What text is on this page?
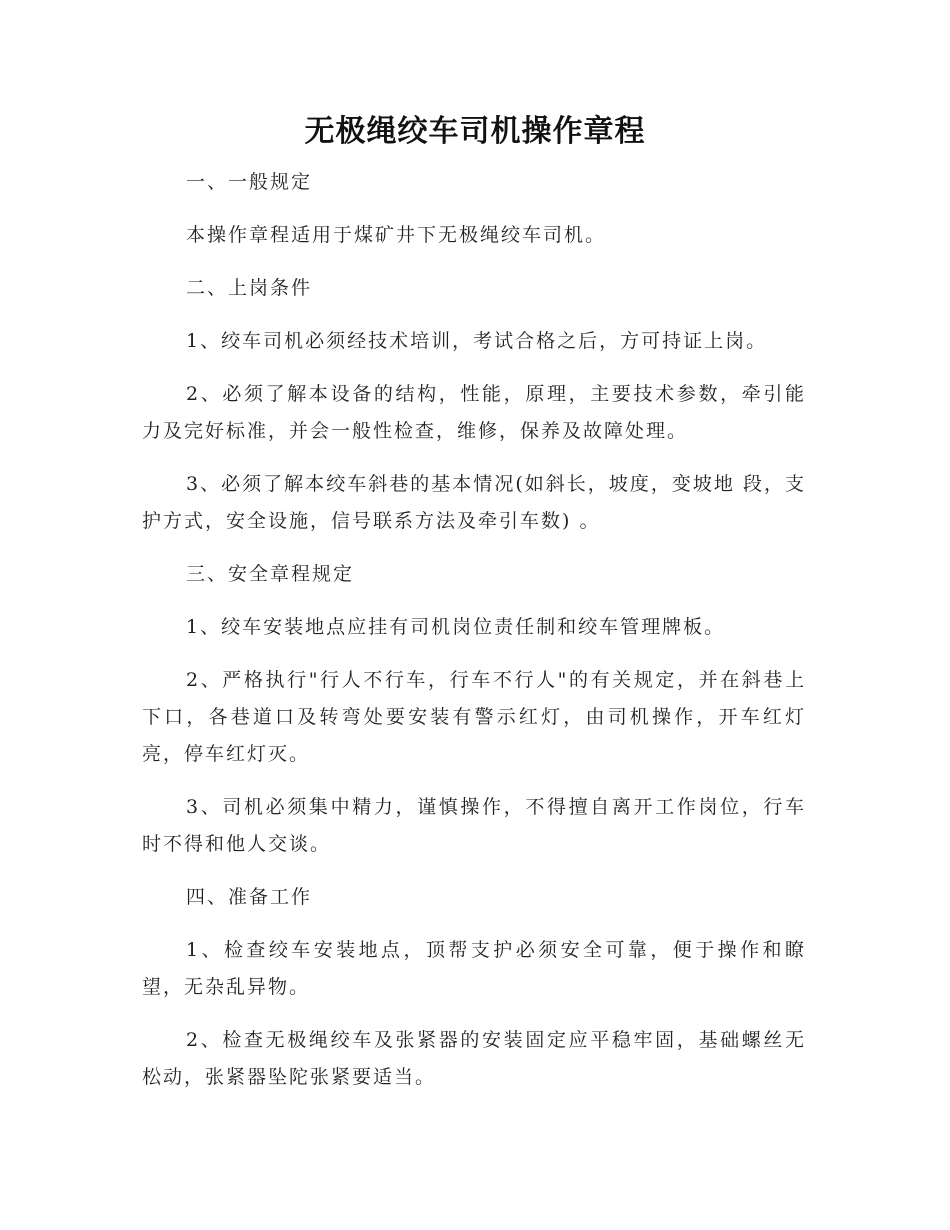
无极绳绞车司机操作章程

一、一般规定

本操作章程适用于煤矿井下无极绳绞车司机。

二、上岗条件

1、绞车司机必须经技术培训，考试合格之后，方可持证上岗。

2、必须了解本设备的结构，性能，原理，主要技术参数，牵引能力及完好标准，并会一般性检查，维修，保养及故障处理。

3、必须了解本绞车斜巷的基本情况(如斜长，坡度，变坡地 段，支护方式，安全设施，信号联系方法及牵引车数) 。

三、安全章程规定

1、绞车安装地点应挂有司机岗位责任制和绞车管理牌板。

2、严格执行"行人不行车，行车不行人"的有关规定，并在斜巷上下口，各巷道口及转弯处要安装有警示红灯，由司机操作，开车红灯亮，停车红灯灭。

3、司机必须集中精力，谨慎操作，不得擅自离开工作岗位，行车时不得和他人交谈。

四、准备工作

1、检查绞车安装地点，顶帮支护必须安全可靠，便于操作和瞭望，无杂乱异物。

2、检查无极绳绞车及张紧器的安装固定应平稳牢固，基础螺丝无松动，张紧器坠陀张紧要适当。
